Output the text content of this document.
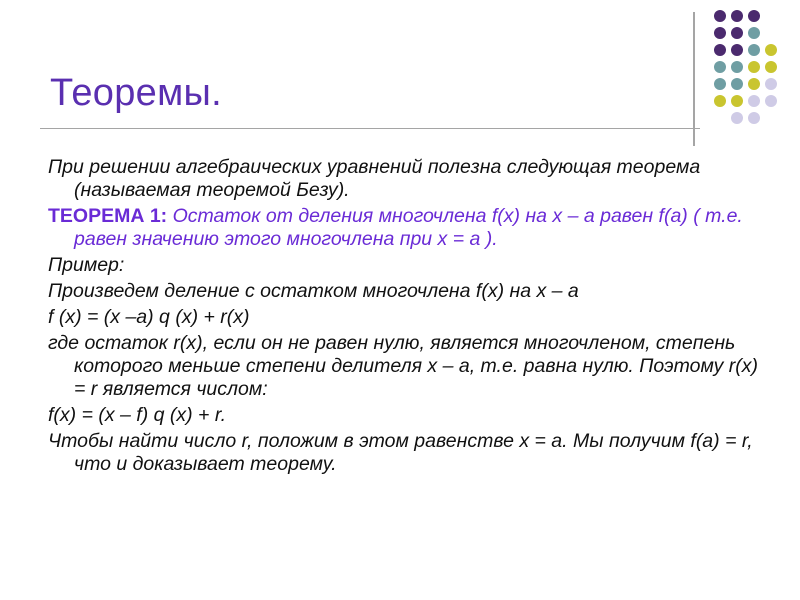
Теоремы.

При решении алгебраических уравнений полезна следующая теорема (называемая теоремой Безу).

ТЕОРЕМА 1: Остаток от деления многочлена f(x) на x – a равен f(a) ( т.е. равен значению этого многочлена при x = a ).

Пример:

Произведем деление с остатком многочлена f(x) на x – a

f (x) = (x –a) q (x) + r(x)

где остаток r(x), если он не равен нулю, является многочленом, степень которого меньше степени делителя x – a, т.е. равна нулю. Поэтому r(x) = r является числом:

f(x) = (x – f) q (x) + r.

Чтобы найти число r, положим в этом равенстве x = a. Мы получим f(a) = r, что и доказывает теорему.
